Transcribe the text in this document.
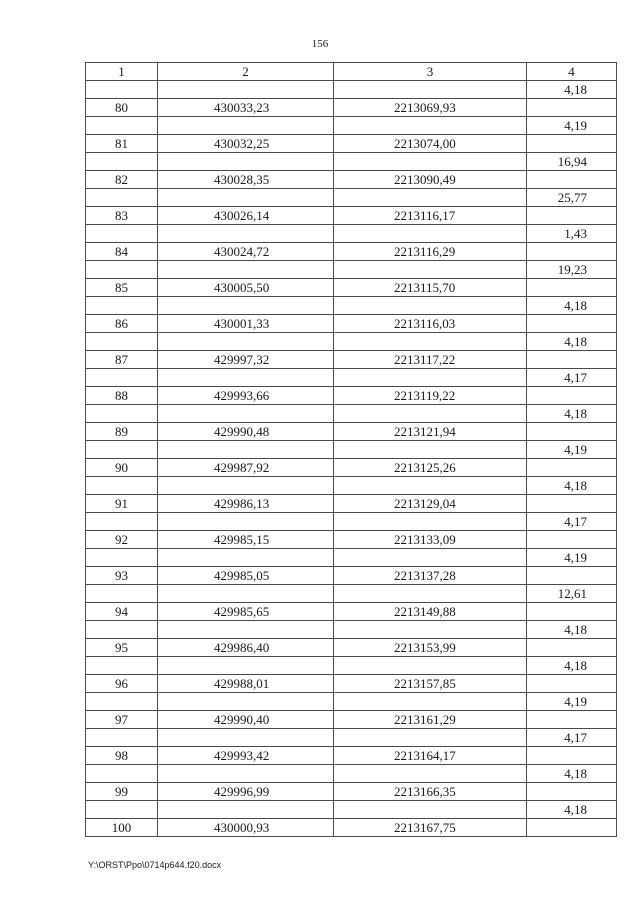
156
1	2	3	4
			4,18
80	430033,23	2213069,93	
			4,19
81	430032,25	2213074,00	
			16,94
82	430028,35	2213090,49	
			25,77
83	430026,14	2213116,17	
			1,43
84	430024,72	2213116,29	
			19,23
85	430005,50	2213115,70	
			4,18
86	430001,33	2213116,03	
			4,18
87	429997,32	2213117,22	
			4,17
88	429993,66	2213119,22	
			4,18
89	429990,48	2213121,94	
			4,19
90	429987,92	2213125,26	
			4,18
91	429986,13	2213129,04	
			4,17
92	429985,15	2213133,09	
			4,19
93	429985,05	2213137,28	
			12,61
94	429985,65	2213149,88	
			4,18
95	429986,40	2213153,99	
			4,18
96	429988,01	2213157,85	
			4,19
97	429990,40	2213161,29	
			4,17
98	429993,42	2213164,17	
			4,18
99	429996,99	2213166,35	
			4,18
100	430000,93	2213167,75	
Y:\ORST\Ppo\0714p644.f20.docx
